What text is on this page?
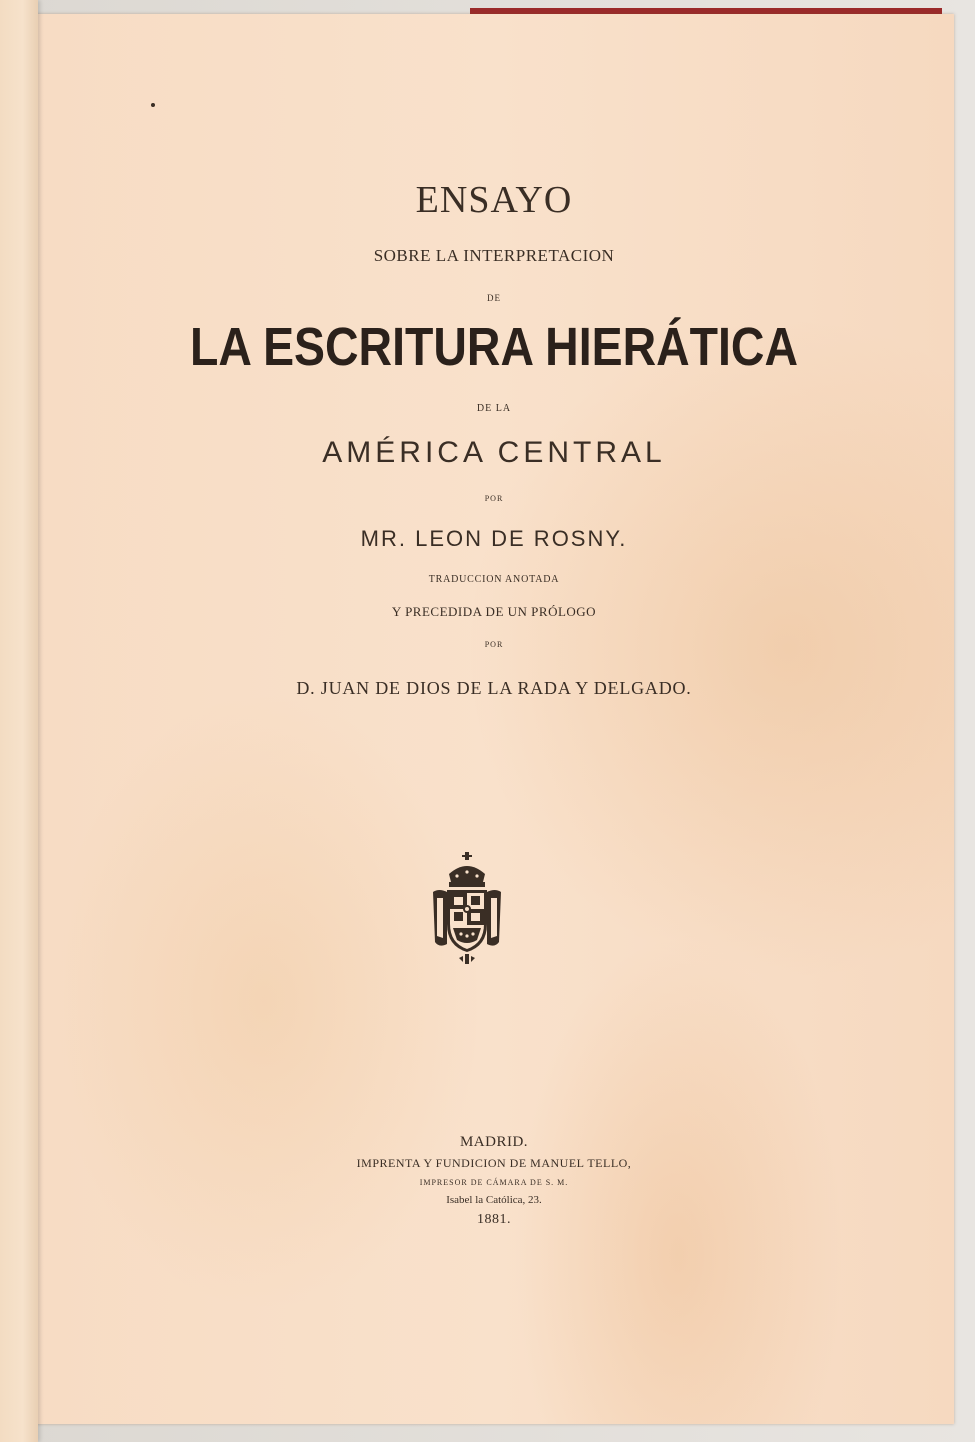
ENSAYO
SOBRE LA INTERPRETACION
DE
LA ESCRITURA HIERÁTICA
DE LA
AMÉRICA CENTRAL
POR
MR. LEON DE ROSNY.
TRADUCCION ANOTADA
Y PRECEDIDA DE UN PRÓLOGO
POR
D. JUAN DE DIOS DE LA RADA Y DELGADO.
MADRID.
IMPRENTA Y FUNDICION DE MANUEL TELLO,
IMPRESOR DE CÁMARA DE S. M.
Isabel la Católica, 23.
1881.
